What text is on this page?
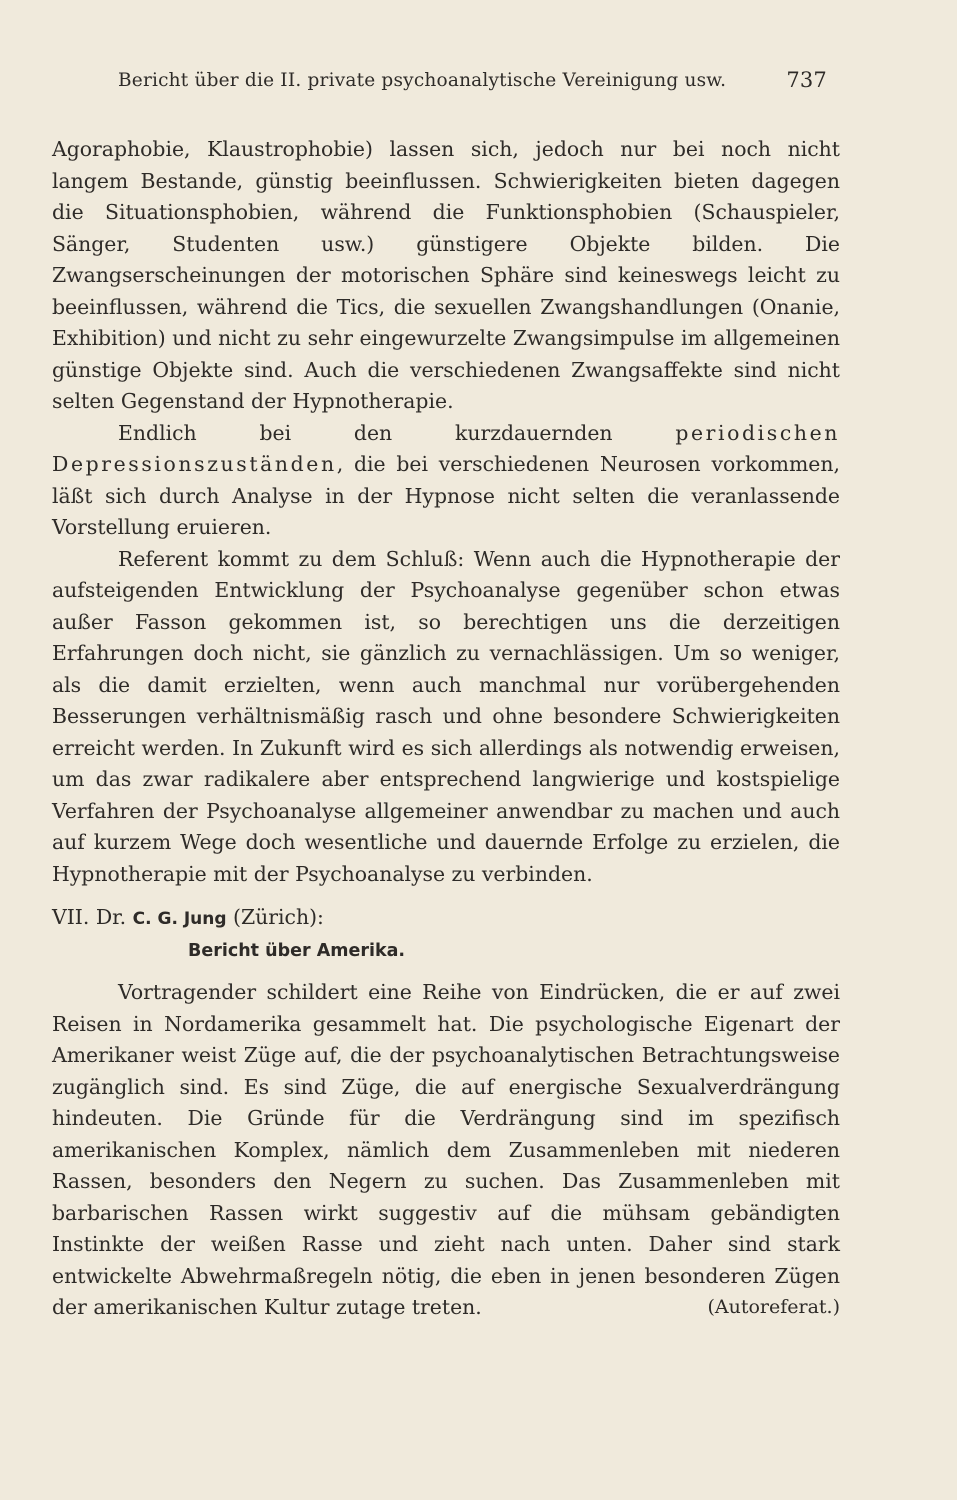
Bericht über die II. private psychoanalytische Vereinigung usw.	737

Agoraphobie, Klaustrophobie) lassen sich, jedoch nur bei noch nicht langem Bestande, günstig beeinflussen. Schwierigkeiten bieten dagegen die Situationsphobien, während die Funktionsphobien (Schauspieler, Sänger, Studenten usw.) günstigere Objekte bilden. Die Zwangserscheinungen der motorischen Sphäre sind keineswegs leicht zu beeinflussen, während die Tics, die sexuellen Zwangshandlungen (Onanie, Exhibition) und nicht zu sehr eingewurzelte Zwangsimpulse im allgemeinen günstige Objekte sind. Auch die verschiedenen Zwangsaffekte sind nicht selten Gegenstand der Hypnotherapie.

Endlich bei den kurzdauernden periodischen Depressionszuständen, die bei verschiedenen Neurosen vorkommen, läßt sich durch Analyse in der Hypnose nicht selten die veranlassende Vorstellung eruieren.

Referent kommt zu dem Schluß: Wenn auch die Hypnotherapie der aufsteigenden Entwicklung der Psychoanalyse gegenüber schon etwas außer Fasson gekommen ist, so berechtigen uns die derzeitigen Erfahrungen doch nicht, sie gänzlich zu vernachlässigen. Um so weniger, als die damit erzielten, wenn auch manchmal nur vorübergehenden Besserungen verhältnismäßig rasch und ohne besondere Schwierigkeiten erreicht werden. In Zukunft wird es sich allerdings als notwendig erweisen, um das zwar radikalere aber entsprechend langwierige und kostspielige Verfahren der Psychoanalyse allgemeiner anwendbar zu machen und auch auf kurzem Wege doch wesentliche und dauernde Erfolge zu erzielen, die Hypnotherapie mit der Psychoanalyse zu verbinden.

VII. Dr. C. G. Jung (Zürich):
Bericht über Amerika.

Vortragender schildert eine Reihe von Eindrücken, die er auf zwei Reisen in Nordamerika gesammelt hat. Die psychologische Eigenart der Amerikaner weist Züge auf, die der psychoanalytischen Betrachtungsweise zugänglich sind. Es sind Züge, die auf energische Sexualverdrängung hindeuten. Die Gründe für die Verdrängung sind im spezifisch amerikanischen Komplex, nämlich dem Zusammenleben mit niederen Rassen, besonders den Negern zu suchen. Das Zusammenleben mit barbarischen Rassen wirkt suggestiv auf die mühsam gebändigten Instinkte der weißen Rasse und zieht nach unten. Daher sind stark entwickelte Abwehrmaßregeln nötig, die eben in jenen besonderen Zügen der amerikanischen Kultur zutage treten.	(Autoreferat.)
